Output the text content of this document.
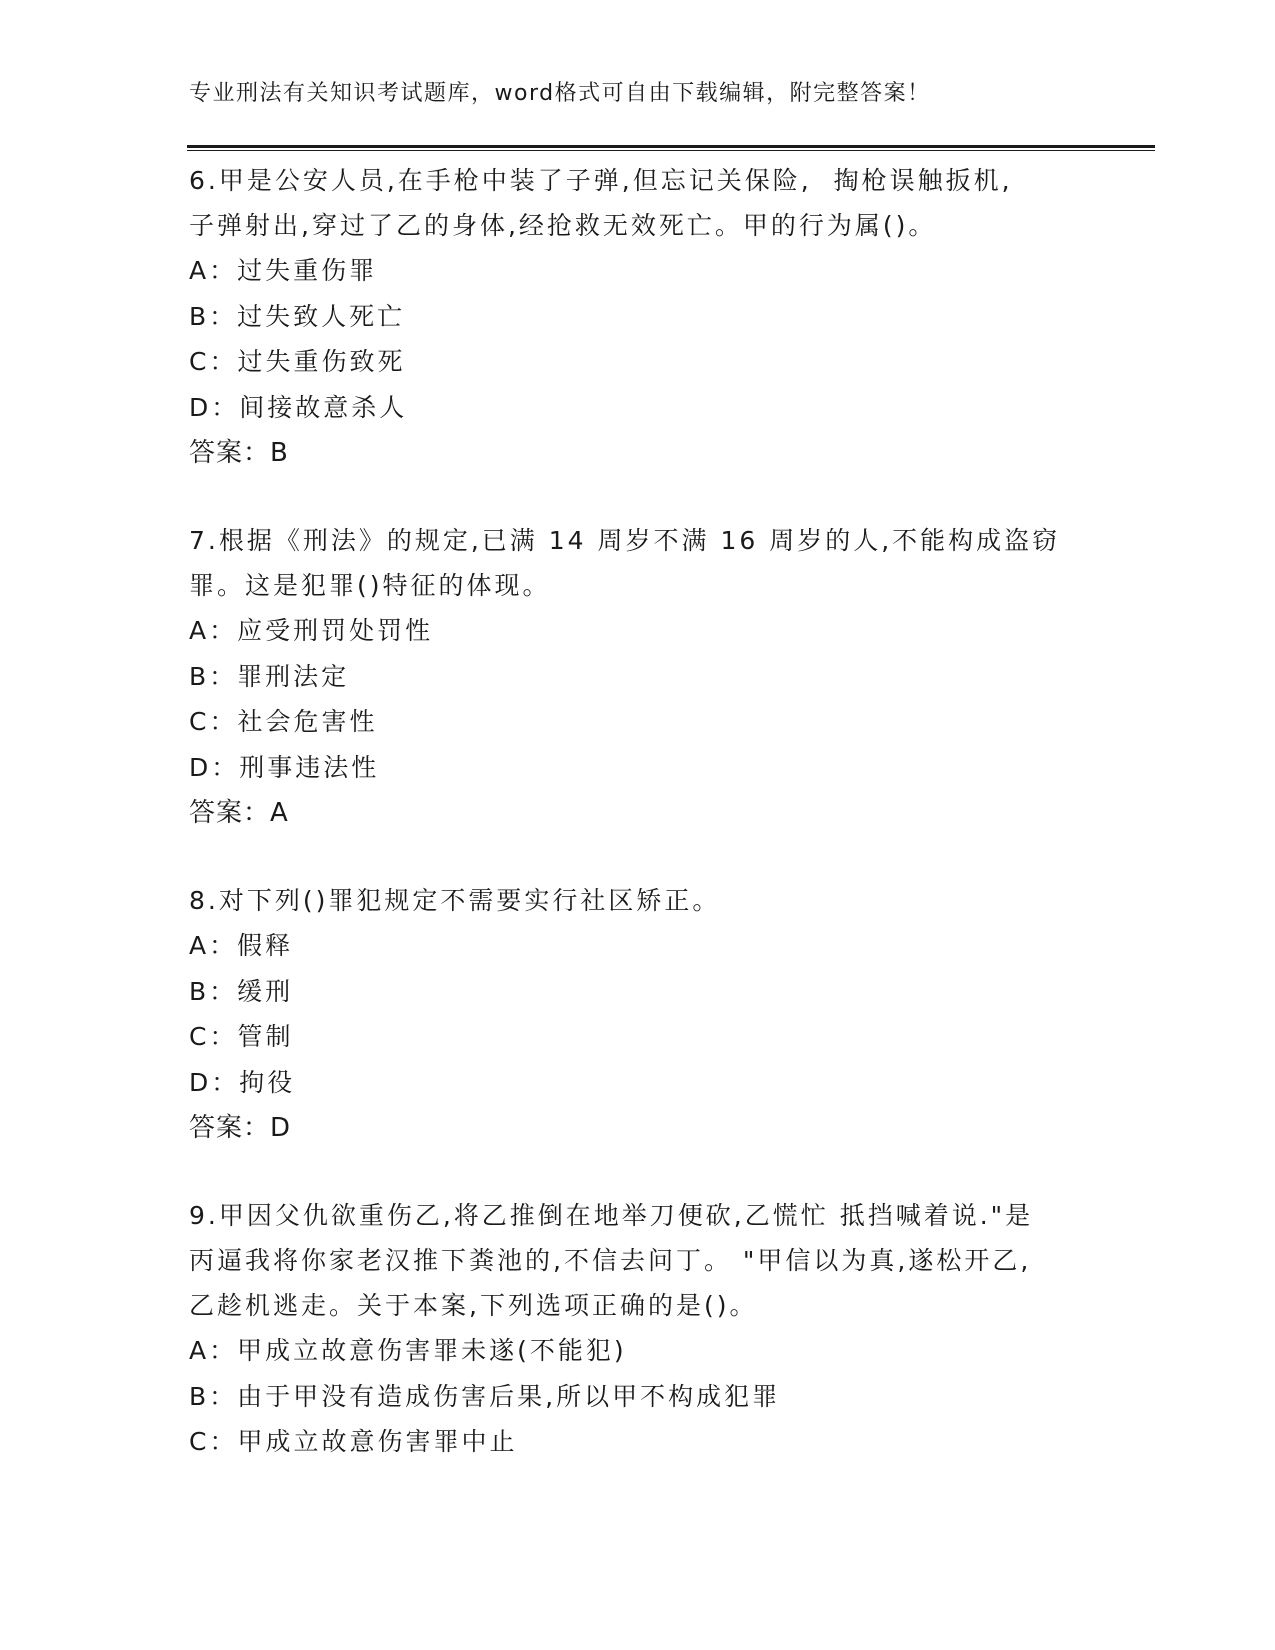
专业刑法有关知识考试题库，word格式可自由下载编辑，附完整答案！
6.甲是公安人员,在手枪中装了子弹,但忘记关保险,  掏枪误触扳机,
子弹射出,穿过了乙的身体,经抢救无效死亡。甲的行为属()。
A：过失重伤罪
B：过失致人死亡
C：过失重伤致死
D：间接故意杀人
答案：B
7.根据《刑法》的规定,已满 14 周岁不满 16 周岁的人,不能构成盗窃
罪。这是犯罪()特征的体现。
A：应受刑罚处罚性
B：罪刑法定
C：社会危害性
D：刑事违法性
答案：A
8.对下列()罪犯规定不需要实行社区矫正。
A：假释
B：缓刑
C：管制
D：拘役
答案：D
9.甲因父仇欲重伤乙,将乙推倒在地举刀便砍,乙慌忙 抵挡喊着说."是
丙逼我将你家老汉推下粪池的,不信去问丁。 "甲信以为真,遂松开乙,
乙趁机逃走。关于本案,下列选项正确的是()。
A：甲成立故意伤害罪未遂(不能犯)
B：由于甲没有造成伤害后果,所以甲不构成犯罪
C：甲成立故意伤害罪中止
